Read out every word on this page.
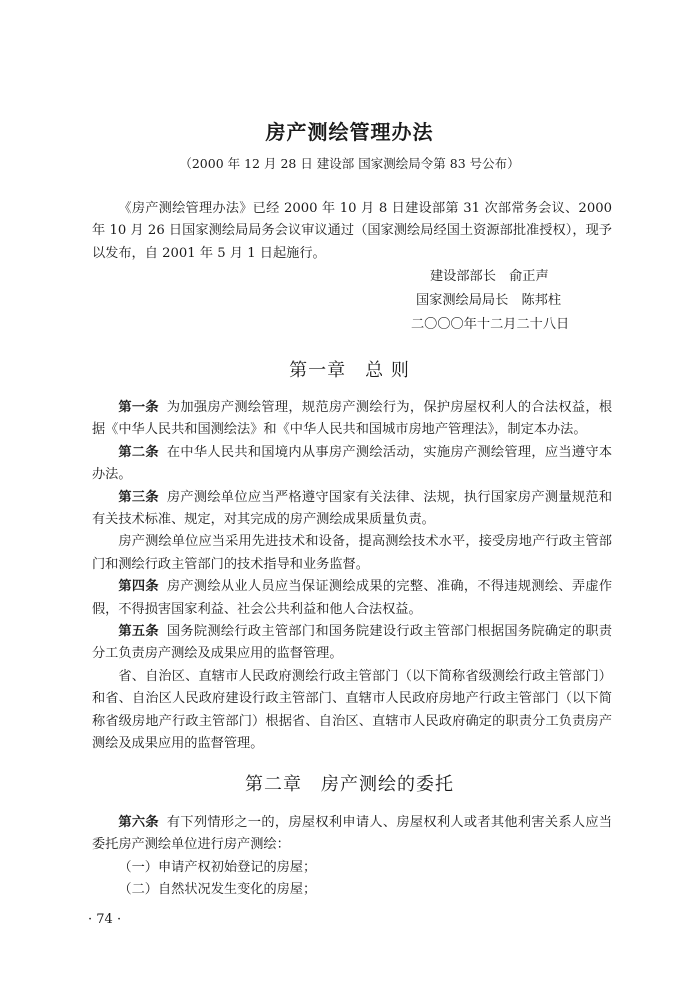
房产测绘管理办法
（2000 年 12 月 28 日 建设部 国家测绘局令第 83 号公布）

《房产测绘管理办法》已经 2000 年 10 月 8 日建设部第 31 次部常务会议、2000 年 10 月 26 日国家测绘局局务会议审议通过（国家测绘局经国土资源部批准授权），现予以发布，自 2001 年 5 月 1 日起施行。

建设部部长　俞正声
国家测绘局局长　陈邦柱
二〇〇〇年十二月二十八日
第一章　总 则

第一条 为加强房产测绘管理，规范房产测绘行为，保护房屋权利人的合法权益，根据《中华人民共和国测绘法》和《中华人民共和国城市房地产管理法》，制定本办法。

第二条 在中华人民共和国境内从事房产测绘活动，实施房产测绘管理，应当遵守本办法。

第三条 房产测绘单位应当严格遵守国家有关法律、法规，执行国家房产测量规范和有关技术标准、规定，对其完成的房产测绘成果质量负责。

房产测绘单位应当采用先进技术和设备，提高测绘技术水平，接受房地产行政主管部门和测绘行政主管部门的技术指导和业务监督。

第四条 房产测绘从业人员应当保证测绘成果的完整、准确，不得违规测绘、弄虚作假，不得损害国家利益、社会公共利益和他人合法权益。

第五条 国务院测绘行政主管部门和国务院建设行政主管部门根据国务院确定的职责分工负责房产测绘及成果应用的监督管理。

省、自治区、直辖市人民政府测绘行政主管部门（以下简称省级测绘行政主管部门）和省、自治区人民政府建设行政主管部门、直辖市人民政府房地产行政主管部门（以下简称省级房地产行政主管部门）根据省、自治区、直辖市人民政府确定的职责分工负责房产测绘及成果应用的监督管理。

第二章　房产测绘的委托

第六条 有下列情形之一的，房屋权利申请人、房屋权利人或者其他利害关系人应当委托房产测绘单位进行房产测绘：

（一）申请产权初始登记的房屋；

（二）自然状况发生变化的房屋；

· 74 ·
